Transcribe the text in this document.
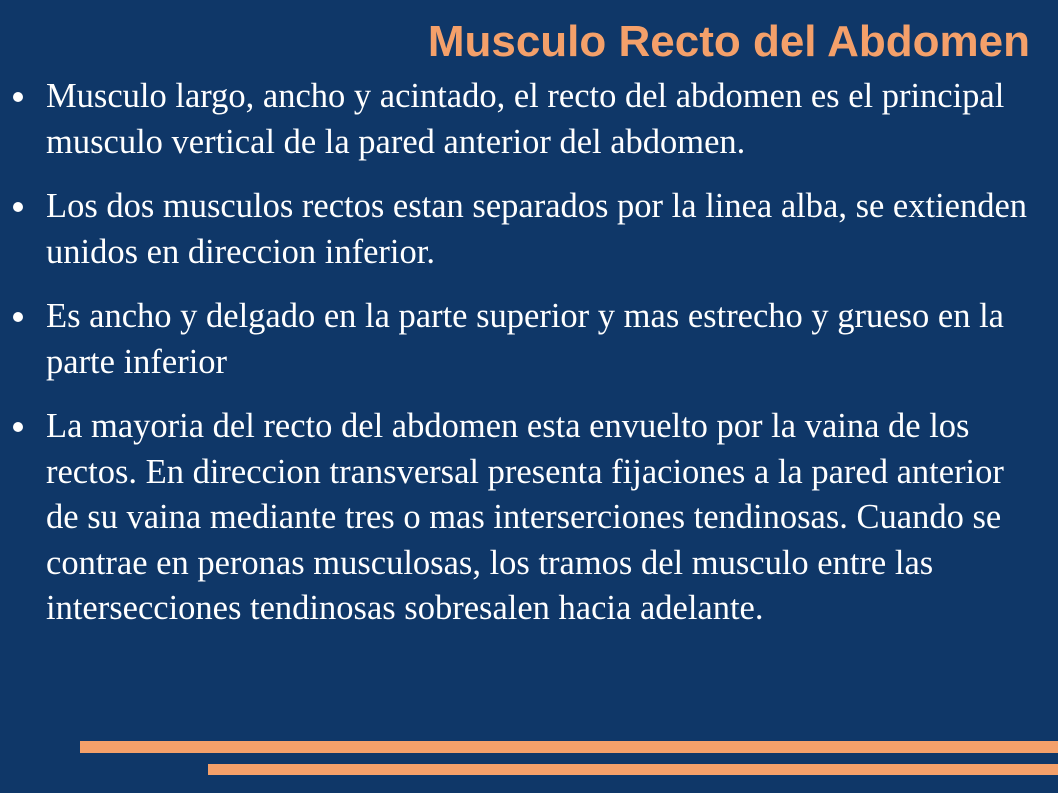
Musculo Recto del Abdomen
Musculo largo, ancho y acintado, el recto del abdomen es el principal musculo vertical de la pared anterior del abdomen.
Los dos musculos rectos estan separados por la linea alba, se extienden unidos en direccion inferior.
Es ancho y delgado en la parte superior y mas estrecho y grueso en la parte inferior
La mayoria del recto del abdomen esta envuelto por la vaina de los rectos. En direccion transversal presenta fijaciones a la pared anterior de su vaina mediante tres o mas interserciones tendinosas. Cuando se contrae en peronas musculosas, los tramos del musculo entre las intersecciones tendinosas sobresalen hacia adelante.
